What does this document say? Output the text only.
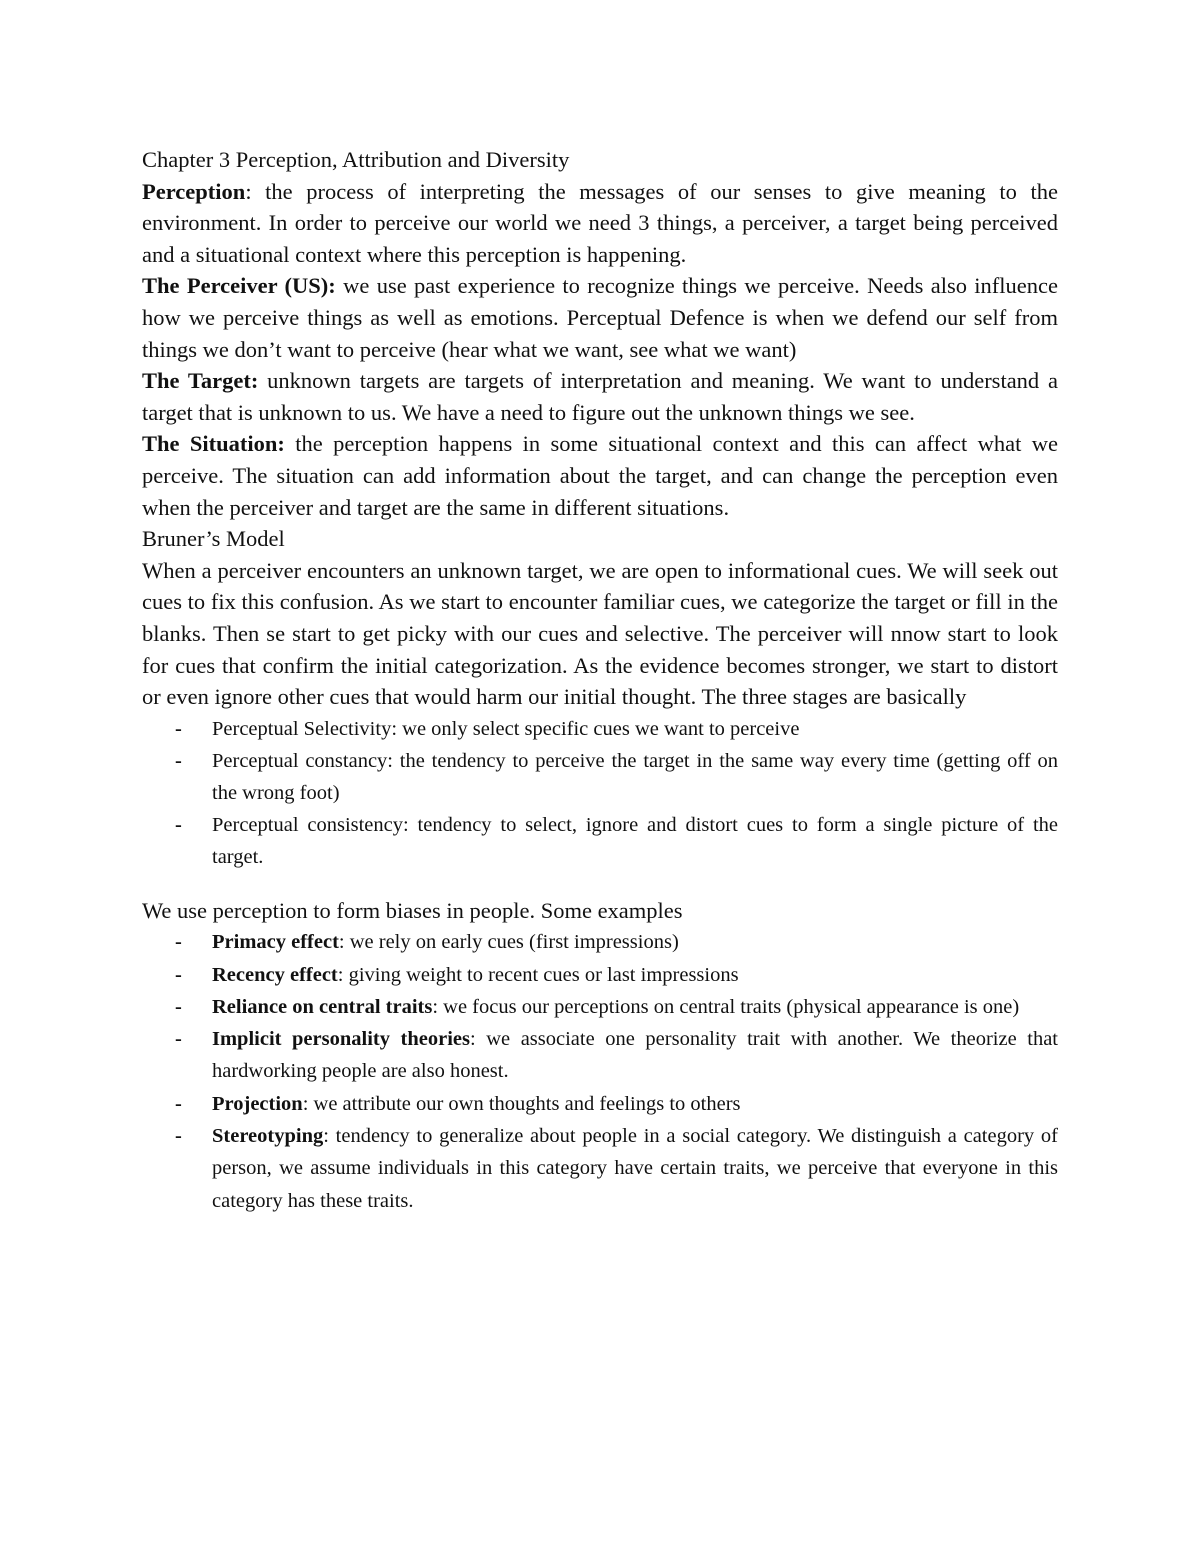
Chapter 3 Perception, Attribution and Diversity

Perception: the process of interpreting the messages of our senses to give meaning to the environment. In order to perceive our world we need 3 things, a perceiver, a target being perceived and a situational context where this perception is happening.

The Perceiver (US): we use past experience to recognize things we perceive. Needs also influence how we perceive things as well as emotions. Perceptual Defence is when we defend our self from things we don’t want to perceive (hear what we want, see what we want)

The Target: unknown targets are targets of interpretation and meaning. We want to understand a target that is unknown to us. We have a need to figure out the unknown things we see.

The Situation: the perception happens in some situational context and this can affect what we perceive. The situation can add information about the target, and can change the perception even when the perceiver and target are the same in different situations.

Bruner’s Model

When a perceiver encounters an unknown target, we are open to informational cues. We will seek out cues to fix this confusion. As we start to encounter familiar cues, we categorize the target or fill in the blanks. Then se start to get picky with our cues and selective. The perceiver will nnow start to look for cues that confirm the initial categorization. As the evidence becomes stronger, we start to distort or even ignore other cues that would harm our initial thought. The three stages are basically

- Perceptual Selectivity: we only select specific cues we want to perceive
- Perceptual constancy: the tendency to perceive the target in the same way every time (getting off on the wrong foot)
- Perceptual consistency: tendency to select, ignore and distort cues to form a single picture of the target.

We use perception to form biases in people. Some examples

- Primacy effect: we rely on early cues (first impressions)
- Recency effect: giving weight to recent cues or last impressions
- Reliance on central traits: we focus our perceptions on central traits (physical appearance is one)
- Implicit personality theories: we associate one personality trait with another. We theorize that hardworking people are also honest.
- Projection: we attribute our own thoughts and feelings to others
- Stereotyping: tendency to generalize about people in a social category. We distinguish a category of person, we assume individuals in this category have certain traits, we perceive that everyone in this category has these traits.
